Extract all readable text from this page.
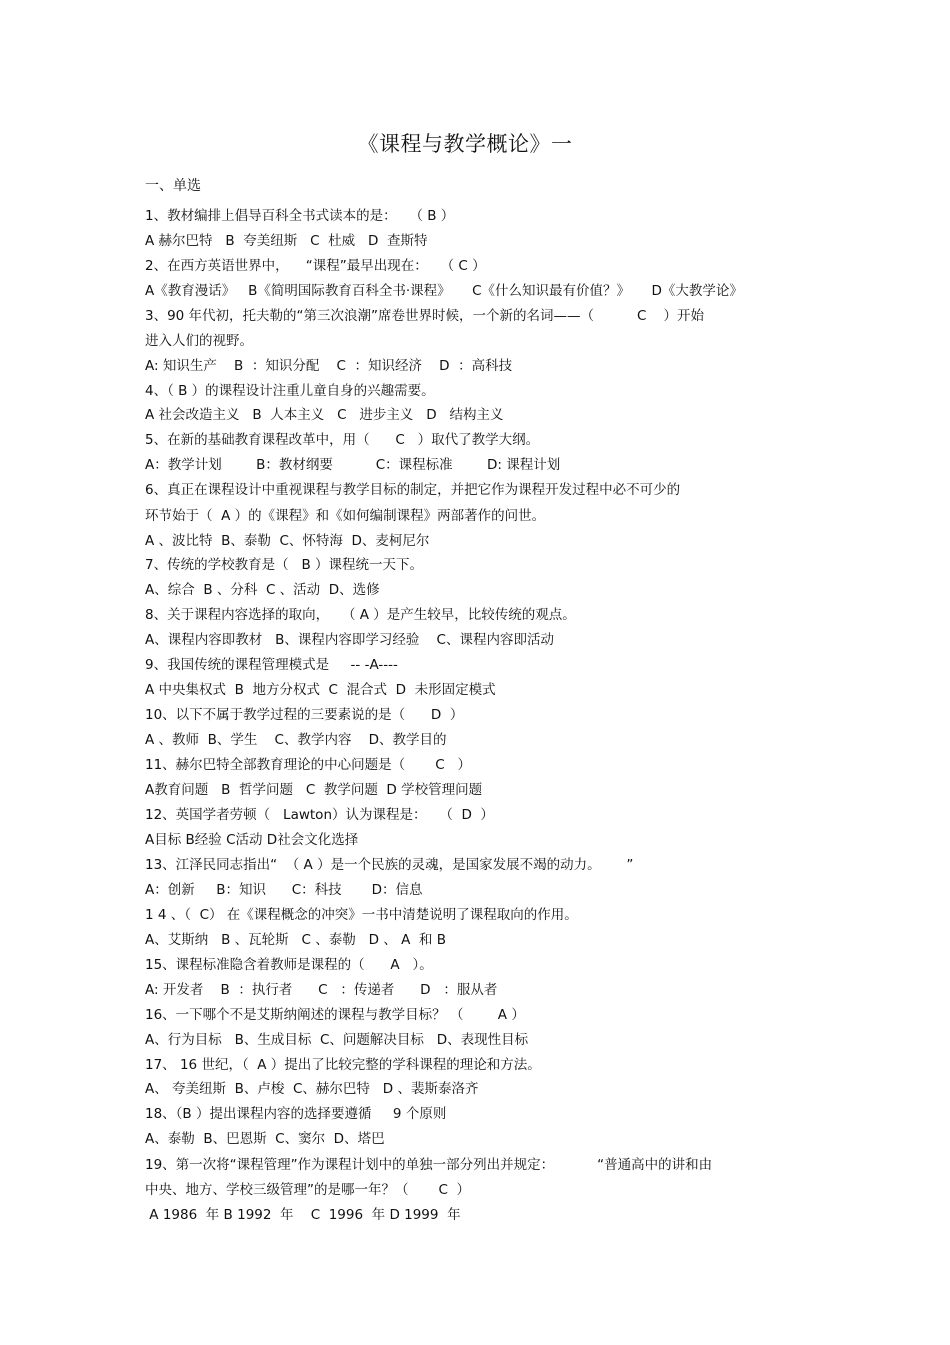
《课程与教学概论》一
一、单选
1、教材编排上倡导百科全书式读本的是：   （ B ）
A 赫尔巴特   B  夸美纽斯   C  杜威   D  查斯特
2、在西方英语世界中，    “课程”最早出现在：   （ C ）
A《教育漫话》   B《简明国际教育百科全书·课程》     C《什么知识最有价值？》     D《大教学论》
3、90 年代初，托夫勒的“第三次浪潮”席卷世界时候，一个新的名词——（          C    ）开始
进入人们的视野。
A: 知识生产    B  ：知识分配    C  ：知识经济    D  ：高科技
4、（ B ）的课程设计注重儿童自身的兴趣需要。
A 社会改造主义   B  人本主义   C   进步主义   D   结构主义
5、在新的基础教育课程改革中，用（      C   ）取代了教学大纲。
A：教学计划        B：教材纲要          C：课程标准        D: 课程计划
6、真正在课程设计中重视课程与教学目标的制定，并把它作为课程开发过程中必不可少的
环节始于（  A ）的《课程》和《如何编制课程》两部著作的问世。
A 、波比特  B、泰勒  C、怀特海  D、麦柯尼尔
7、传统的学校教育是（   B ）课程统一天下。
A、综合  B 、分科  C 、活动  D、选修
8、关于课程内容选择的取向，   （ A ）是产生较早，比较传统的观点。
A、课程内容即教材   B、课程内容即学习经验    C、课程内容即活动
9、我国传统的课程管理模式是     -- -A----
A 中央集权式  B  地方分权式  C  混合式  D  未形固定模式
10、以下不属于教学过程的三要素说的是（      D  ）
A 、教师  B、学生    C、教学内容    D、教学目的
11、赫尔巴特全部教育理论的中心问题是（       C   ）
A教育问题   B  哲学问题   C  教学问题  D 学校管理问题
12、英国学者劳顿（   Lawton）认为课程是：   （  D  ）
A目标 B经验 C活动 D社会文化选择
13、江泽民同志指出“  （ A ）是一个民族的灵魂，是国家发展不竭的动力。      ”
A：创新     B：知识      C：科技       D：信息
1 4 、（  C） 在《课程概念的冲突》一书中清楚说明了课程取向的作用。
A、艾斯纳   B 、瓦轮斯   C 、泰勒   D 、 A  和 B
15、课程标准隐含着教师是课程的（      A   ）。
A: 开发者    B  ：执行者      C   ：传递者      D   ：服从者
16、一下哪个不是艾斯纳阐述的课程与教学目标？ （        A ）
A、行为目标   B、生成目标  C、问题解决目标   D、表现性目标
17、 16 世纪，（  A ）提出了比较完整的学科课程的理论和方法。
A、 夸美纽斯  B、卢梭  C、赫尔巴特   D 、裴斯泰洛齐
18、（B ）提出课程内容的选择要遵循     9 个原则
A、泰勒  B、巴恩斯  C、窦尔  D、塔巴
19、第一次将“课程管理”作为课程计划中的单独一部分列出并规定：          “普通高中的讲和由
中央、地方、学校三级管理”的是哪一年？（       C  ）
A 1986  年 B 1992  年    C  1996  年 D 1999  年
